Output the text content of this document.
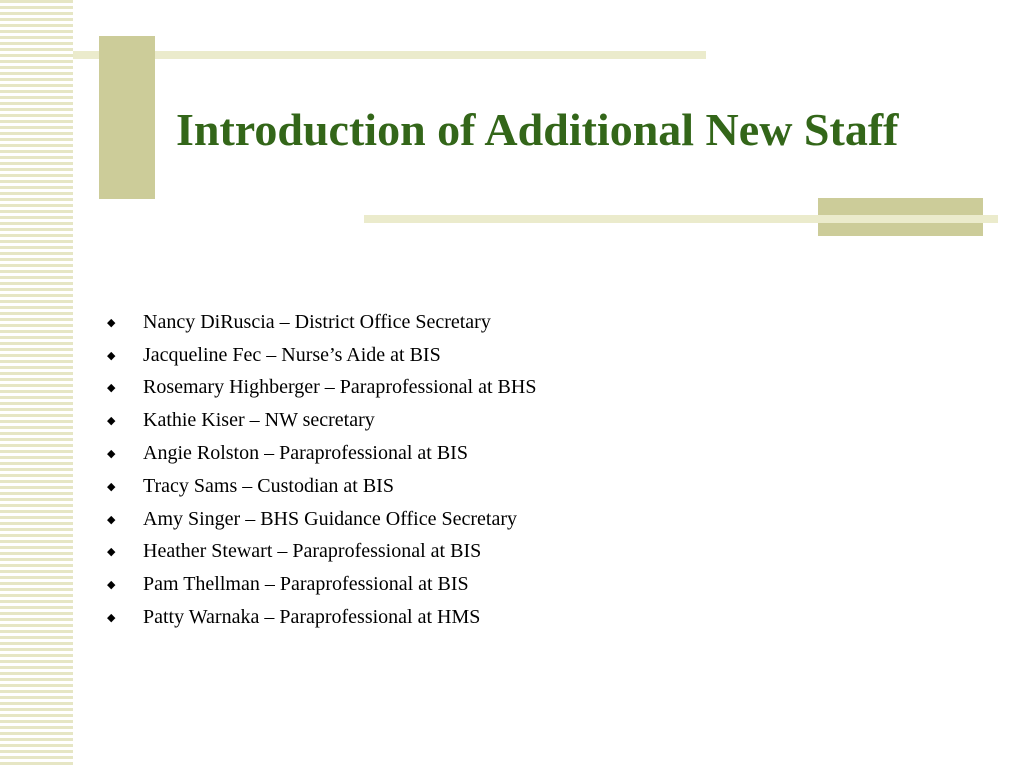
Introduction of Additional New Staff
◆	Nancy DiRuscia – District Office Secretary
◆	Jacqueline Fec – Nurse’s Aide at BIS
◆	Rosemary Highberger – Paraprofessional at BHS
◆	Kathie Kiser – NW secretary
◆	Angie Rolston – Paraprofessional at BIS
◆	Tracy Sams – Custodian at BIS
◆	Amy Singer – BHS Guidance Office Secretary
◆	Heather Stewart – Paraprofessional at BIS
◆	Pam Thellman – Paraprofessional at BIS
◆	Patty Warnaka – Paraprofessional at HMS
